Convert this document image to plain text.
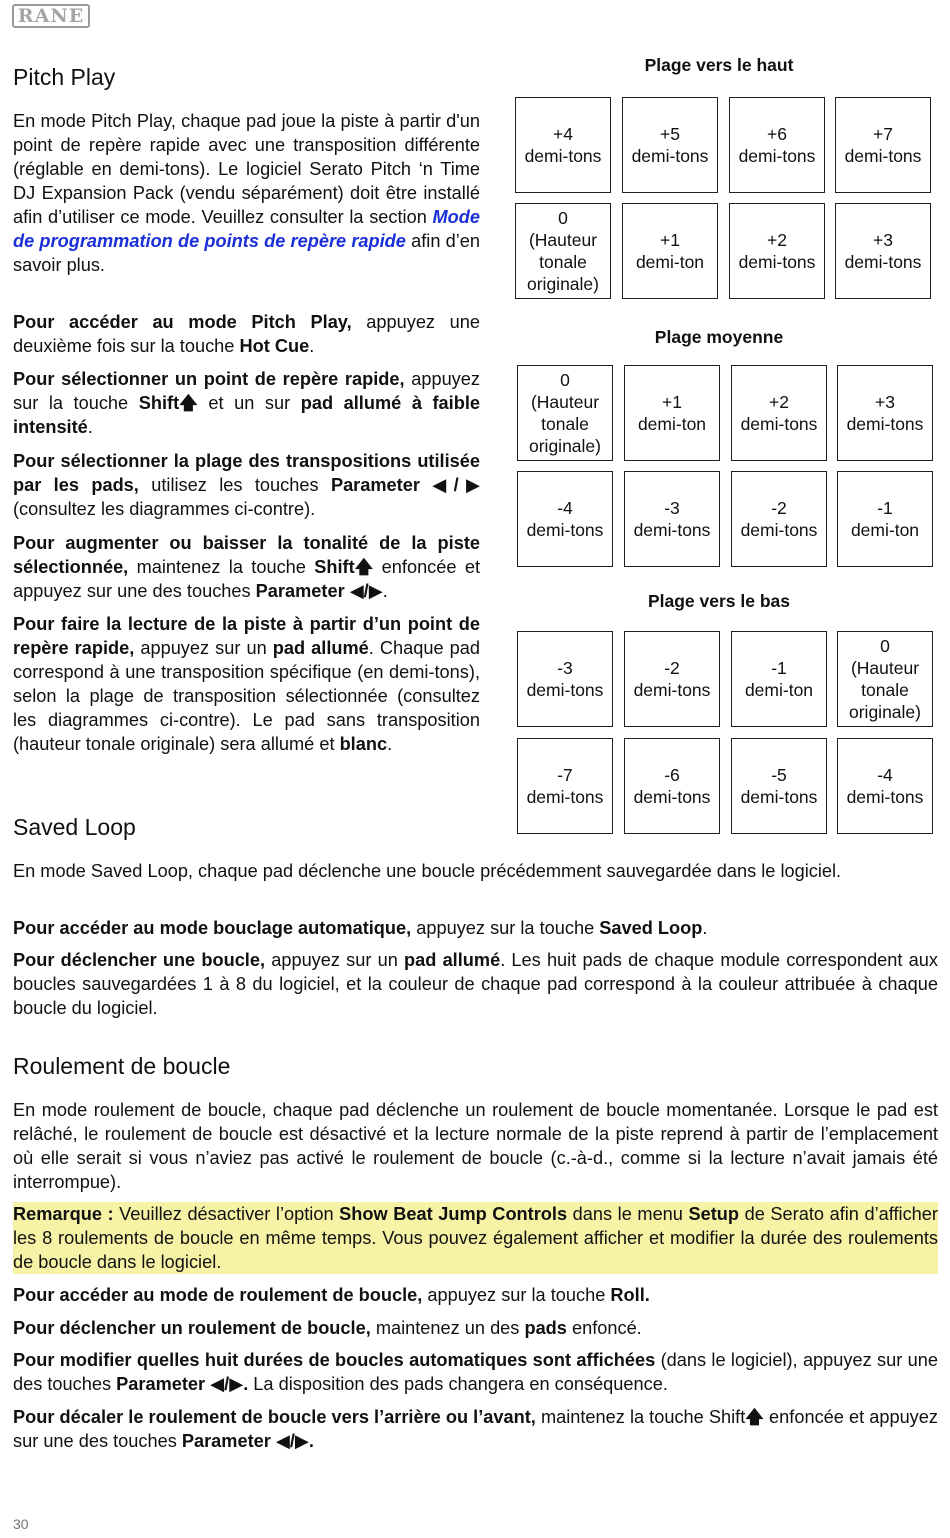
RANE
Pitch Play

En mode Pitch Play, chaque pad joue la piste à partir d'un point de repère rapide avec une transposition différente (réglable en demi-tons). Le logiciel Serato Pitch ‘n Time DJ Expansion Pack (vendu séparément) doit être installé afin d’utiliser ce mode. Veuillez consulter la section Mode de programmation de points de repère rapide afin d’en savoir plus.

Pour accéder au mode Pitch Play, appuyez une deuxième fois sur la touche Hot Cue.

Pour sélectionner un point de repère rapide, appuyez sur la touche Shift🡅 et un sur pad allumé à faible intensité.

Pour sélectionner la plage des transpositions utilisée par les pads, utilisez les touches Parameter ◀/▶ (consultez les diagrammes ci-contre).

Pour augmenter ou baisser la tonalité de la piste sélectionnée, maintenez la touche Shift🡅 enfoncée et appuyez sur une des touches Parameter ◀/▶.

Pour faire la lecture de la piste à partir d’un point de repère rapide, appuyez sur un pad allumé. Chaque pad correspond à une transposition spécifique (en demi-tons), selon la plage de transposition sélectionnée (consultez les diagrammes ci-contre). Le pad sans transposition (hauteur tonale originale) sera allumé et blanc.

Plage vers le haut
+4
demi-tons
+5
demi-tons
+6
demi-tons
+7
demi-tons
0
(Hauteur
tonale
originale)
+1
demi-ton
+2
demi-tons
+3
demi-tons
Plage moyenne
0
(Hauteur
tonale
originale)
+1
demi-ton
+2
demi-tons
+3
demi-tons
-4
demi-tons
-3
demi-tons
-2
demi-tons
-1
demi-ton
Plage vers le bas
-3
demi-tons
-2
demi-tons
-1
demi-ton
0
(Hauteur
tonale
originale)
-7
demi-tons
-6
demi-tons
-5
demi-tons
-4
demi-tons
Saved Loop

En mode Saved Loop, chaque pad déclenche une boucle précédemment sauvegardée dans le logiciel.

Pour accéder au mode bouclage automatique, appuyez sur la touche Saved Loop.

Pour déclencher une boucle, appuyez sur un pad allumé. Les huit pads de chaque module correspondent aux boucles sauvegardées 1 à 8 du logiciel, et la couleur de chaque pad correspond à la couleur attribuée à chaque boucle du logiciel.

Roulement de boucle

En mode roulement de boucle, chaque pad déclenche un roulement de boucle momentanée. Lorsque le pad est relâché, le roulement de boucle est désactivé et la lecture normale de la piste reprend à partir de l’emplacement où elle serait si vous n’aviez pas activé le roulement de boucle (c.-à-d., comme si la lecture n’avait jamais été interrompue).

Remarque : Veuillez désactiver l’option Show Beat Jump Controls dans le menu Setup de Serato afin d’afficher les 8 roulements de boucle en même temps. Vous pouvez également afficher et modifier la durée des roulements de boucle dans le logiciel.

Pour accéder au mode de roulement de boucle, appuyez sur la touche Roll.

Pour déclencher un roulement de boucle, maintenez un des pads enfoncé.

Pour modifier quelles huit durées de boucles automatiques sont affichées (dans le logiciel), appuyez sur une des touches Parameter ◀/▶. La disposition des pads changera en conséquence.

Pour décaler le roulement de boucle vers l’arrière ou l’avant, maintenez la touche Shift🡅 enfoncée et appuyez sur une des touches Parameter ◀/▶.

30
